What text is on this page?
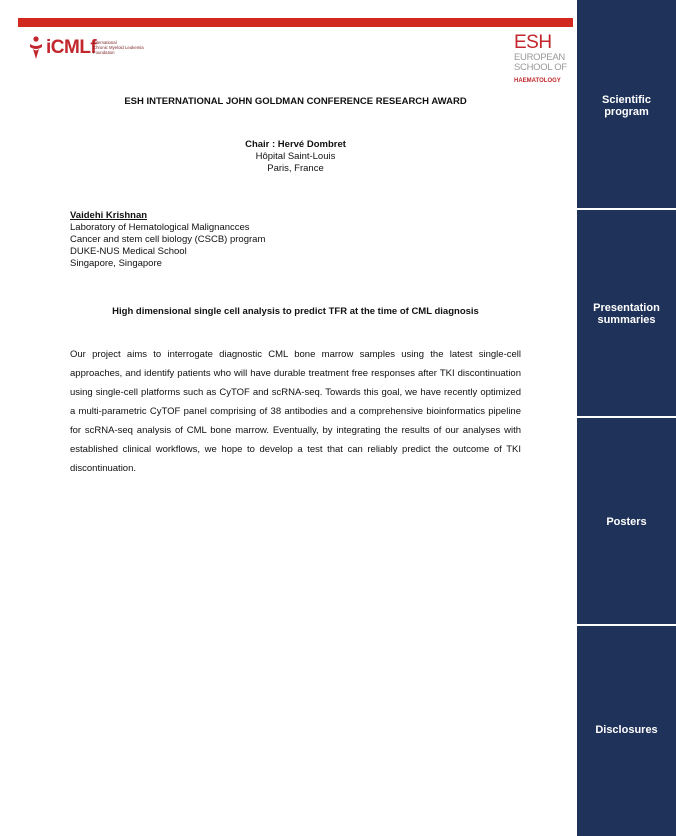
iCMLf
International
Chronic Myeloid Leukemia
Foundation	ESH
EUROPEAN
SCHOOL OF
HAEMATOLOGY
ESH INTERNATIONAL JOHN GOLDMAN CONFERENCE RESEARCH AWARD
Chair : Hervé Dombret
Hôpital Saint-Louis
Paris, France
Vaidehi Krishnan
Laboratory of Hematological Malignancces
Cancer and stem cell biology (CSCB) program
DUKE-NUS Medical School
Singapore, Singapore
High dimensional single cell analysis to predict TFR at the time of CML diagnosis

Our project aims to interrogate diagnostic CML bone marrow samples using the latest single-cell approaches, and identify patients who will have durable treatment free responses after TKI discontinuation using single-cell platforms such as CyTOF and scRNA-seq. Towards this goal, we have recently optimized a multi-parametric CyTOF panel comprising of 38 antibodies and a comprehensive bioinformatics pipeline for scRNA-seq analysis of CML bone marrow. Eventually, by integrating the results of our analyses with established clinical workflows, we hope to develop a test that can reliably predict the outcome of TKI discontinuation.

Scientific
program
Presentation
summaries
Posters
Disclosures
